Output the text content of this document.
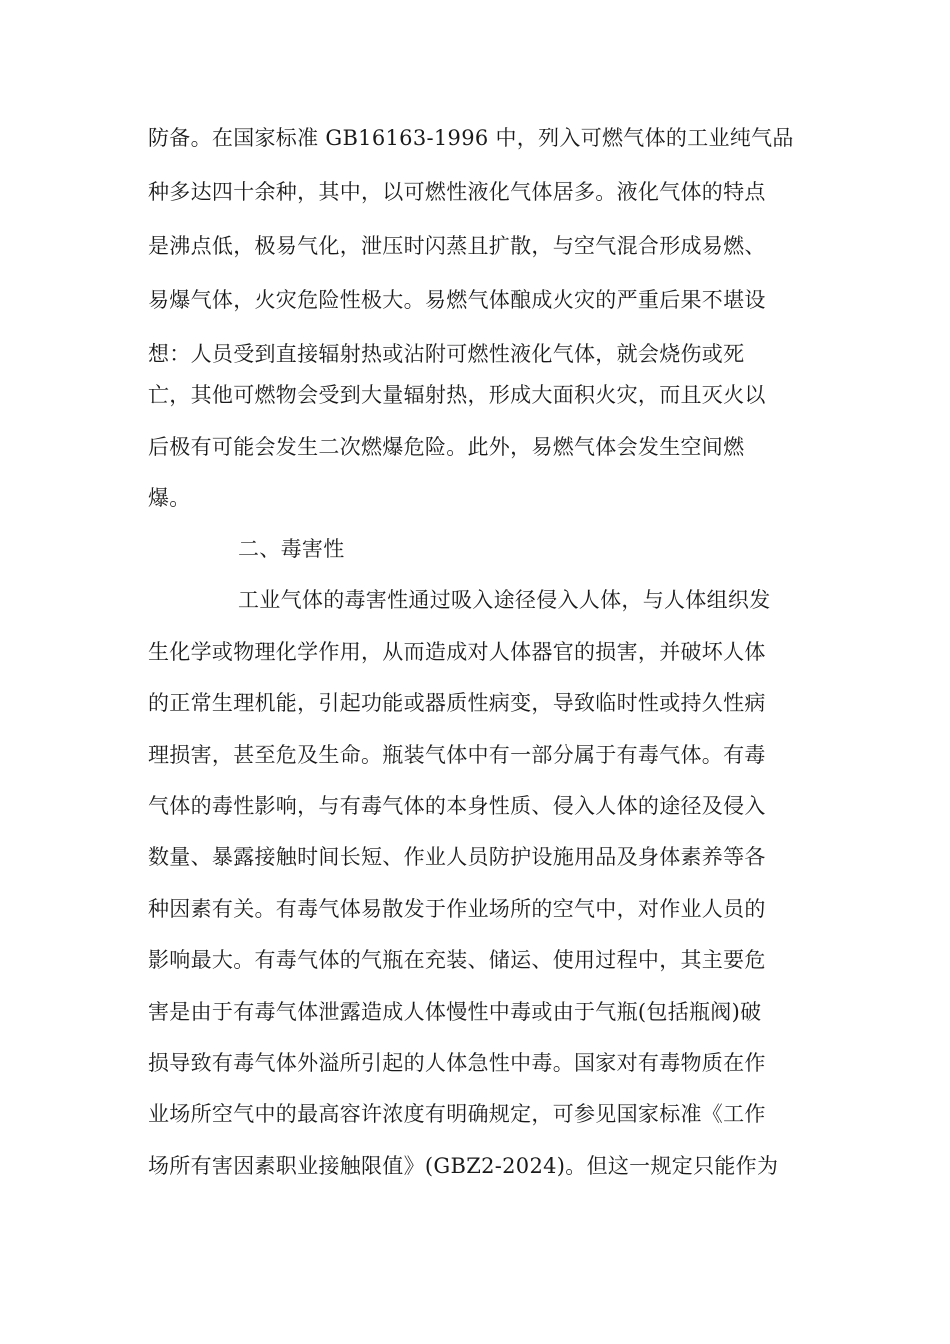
防备。在国家标准 GB16163-1996 中，列入可燃气体的工业纯气品
种多达四十余种，其中，以可燃性液化气体居多。液化气体的特点
是沸点低，极易气化，泄压时闪蒸且扩散，与空气混合形成易燃、
易爆气体，火灾危险性极大。易燃气体酿成火灾的严重后果不堪设
想：人员受到直接辐射热或沾附可燃性液化气体，就会烧伤或死
亡，其他可燃物会受到大量辐射热，形成大面积火灾，而且灭火以
后极有可能会发生二次燃爆危险。此外，易燃气体会发生空间燃
爆。
二、毒害性
工业气体的毒害性通过吸入途径侵入人体，与人体组织发
生化学或物理化学作用，从而造成对人体器官的损害，并破坏人体
的正常生理机能，引起功能或器质性病变，导致临时性或持久性病
理损害，甚至危及生命。瓶装气体中有一部分属于有毒气体。有毒
气体的毒性影响，与有毒气体的本身性质、侵入人体的途径及侵入
数量、暴露接触时间长短、作业人员防护设施用品及身体素养等各
种因素有关。有毒气体易散发于作业场所的空气中，对作业人员的
影响最大。有毒气体的气瓶在充装、储运、使用过程中，其主要危
害是由于有毒气体泄露造成人体慢性中毒或由于气瓶(包括瓶阀)破
损导致有毒气体外溢所引起的人体急性中毒。国家对有毒物质在作
业场所空气中的最高容许浓度有明确规定，可参见国家标准《工作
场所有害因素职业接触限值》(GBZ2-2024)。但这一规定只能作为
